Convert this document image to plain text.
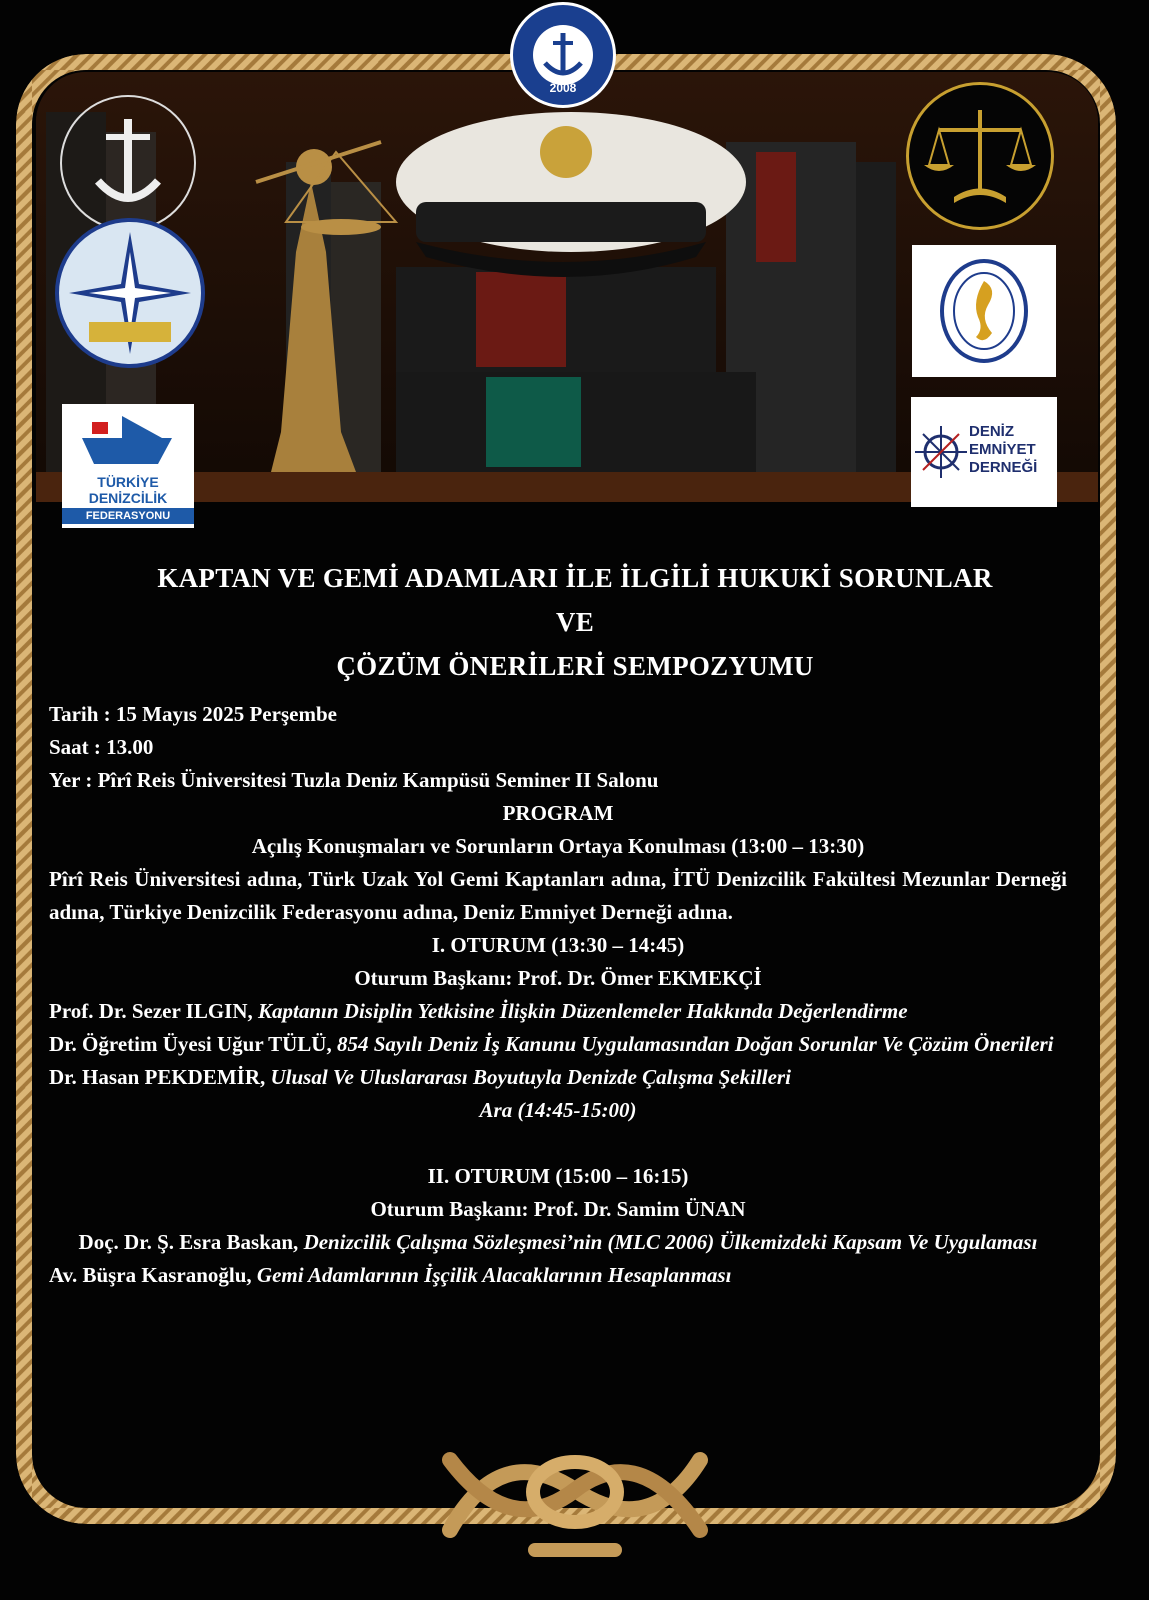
2008
TÜRKİYE
DENİZCİLİK
FEDERASYONU
DENİZ
EMNİYET
DERNEĞİ
KAPTAN VE GEMİ ADAMLARI İLE İLGİLİ HUKUKİ SORUNLAR
VE
ÇÖZÜM ÖNERİLERİ SEMPOZYUMU
Tarih : 15 Mayıs 2025 Perşembe
Saat : 13.00
Yer : Pîrî Reis Üniversitesi Tuzla Deniz Kampüsü Seminer II Salonu
PROGRAM
Açılış Konuşmaları ve Sorunların Ortaya Konulması (13:00 – 13:30)
Pîrî Reis Üniversitesi adına, Türk Uzak Yol Gemi Kaptanları adına, İTÜ Denizcilik Fakültesi Mezunlar Derneği adına, Türkiye Denizcilik Federasyonu adına, Deniz Emniyet Derneği adına.
I. OTURUM (13:30 – 14:45)
Oturum Başkanı: Prof. Dr. Ömer EKMEKÇİ
Prof. Dr. Sezer ILGIN, Kaptanın Disiplin Yetkisine İlişkin Düzenlemeler Hakkında Değerlendirme
Dr. Öğretim Üyesi Uğur TÜLÜ, 854 Sayılı Deniz İş Kanunu Uygulamasından Doğan Sorunlar Ve Çözüm Önerileri
Dr. Hasan PEKDEMİR, Ulusal Ve Uluslararası Boyutuyla Denizde Çalışma Şekilleri
Ara (14:45-15:00)
II. OTURUM (15:00 – 16:15)
Oturum Başkanı: Prof. Dr. Samim ÜNAN
Doç. Dr. Ş. Esra Baskan, Denizcilik Çalışma Sözleşmesi’nin (MLC 2006) Ülkemizdeki Kapsam Ve Uygulaması
Av. Büşra Kasranoğlu, Gemi Adamlarının İşçilik Alacaklarının Hesaplanması
